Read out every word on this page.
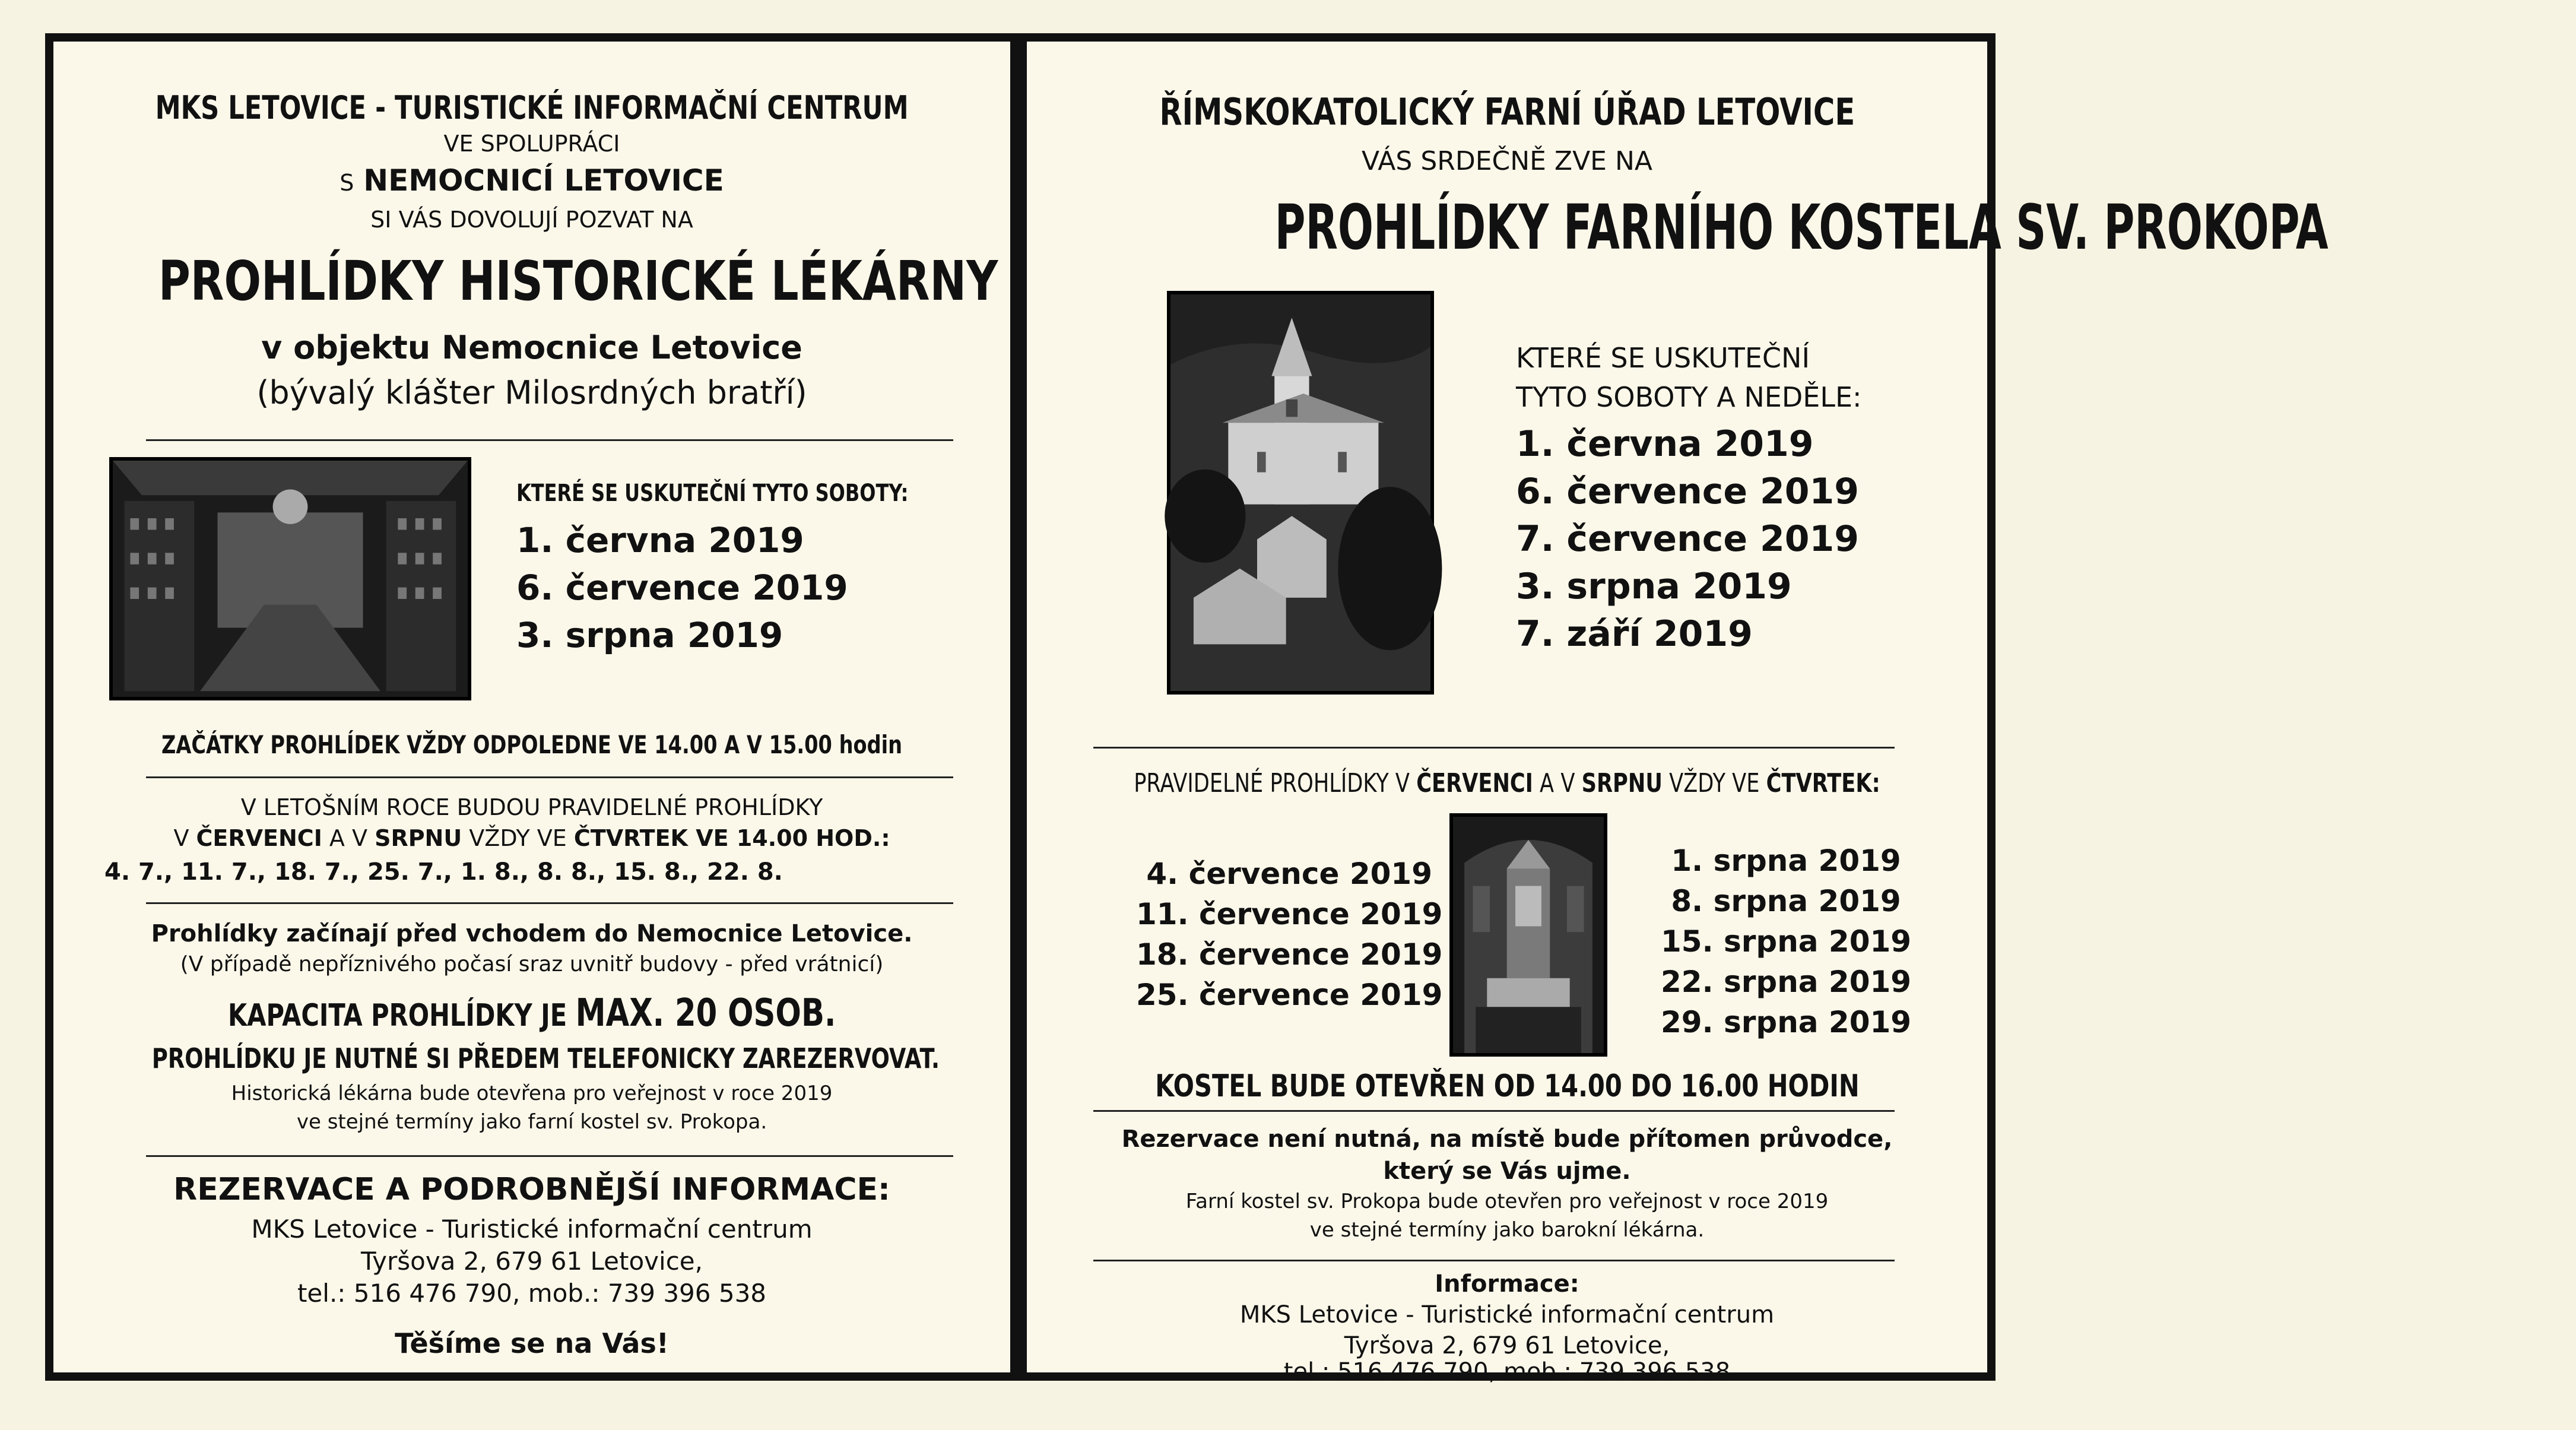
MKS LETOVICE - TURISTICKÉ INFORMAČNÍ CENTRUM
VE SPOLUPRÁCI
S NEMOCNICÍ LETOVICE
SI VÁS DOVOLUJÍ POZVAT NA
PROHLÍDKY HISTORICKÉ LÉKÁRNY
v objektu Nemocnice Letovice
(bývalý klášter Milosrdných bratří)
KTERÉ SE USKUTEČNÍ TYTO SOBOTY:
1. června 2019
6. července 2019
3. srpna 2019
ZAČÁTKY PROHLÍDEK VŽDY ODPOLEDNE VE 14.00 A V 15.00 hodin
V LETOŠNÍM ROCE BUDOU PRAVIDELNÉ PROHLÍDKY
V ČERVENCI A V SRPNU VŽDY VE ČTVRTEK VE 14.00 HOD.:
4. 7., 11. 7., 18. 7., 25. 7., 1. 8., 8. 8., 15. 8., 22. 8.
Prohlídky začínají před vchodem do Nemocnice Letovice.
(V případě nepříznivého počasí sraz uvnitř budovy - před vrátnicí)
KAPACITA PROHLÍDKY JE MAX. 20 OSOB.
PROHLÍDKU JE NUTNÉ SI PŘEDEM TELEFONICKY ZAREZERVOVAT.
Historická lékárna bude otevřena pro veřejnost v roce 2019
ve stejné termíny jako farní kostel sv. Prokopa.
REZERVACE A PODROBNĚJŠÍ INFORMACE:
MKS Letovice - Turistické informační centrum
Tyršova 2, 679 61 Letovice,
tel.: 516 476 790, mob.: 739 396 538
Těšíme se na Vás!
ŘÍMSKOKATOLICKÝ FARNÍ ÚŘAD LETOVICE
VÁS SRDEČNĚ ZVE NA
PROHLÍDKY FARNÍHO KOSTELA SV. PROKOPA
KTERÉ SE USKUTEČNÍ
TYTO SOBOTY A NEDĚLE:
1. června 2019
6. července 2019
7. července 2019
3. srpna 2019
7. září 2019
PRAVIDELNÉ PROHLÍDKY V ČERVENCI A V SRPNU VŽDY VE ČTVRTEK:
4. července 2019
11. července 2019
18. července 2019
25. července 2019
1. srpna 2019
8. srpna 2019
15. srpna 2019
22. srpna 2019
29. srpna 2019
KOSTEL BUDE OTEVŘEN OD 14.00 DO 16.00 HODIN
Rezervace není nutná, na místě bude přítomen průvodce,
který se Vás ujme.
Farní kostel sv. Prokopa bude otevřen pro veřejnost v roce 2019
ve stejné termíny jako barokní lékárna.
Informace:
MKS Letovice - Turistické informační centrum
Tyršova 2, 679 61 Letovice,
tel.: 516 476 790, mob.: 739 396 538
